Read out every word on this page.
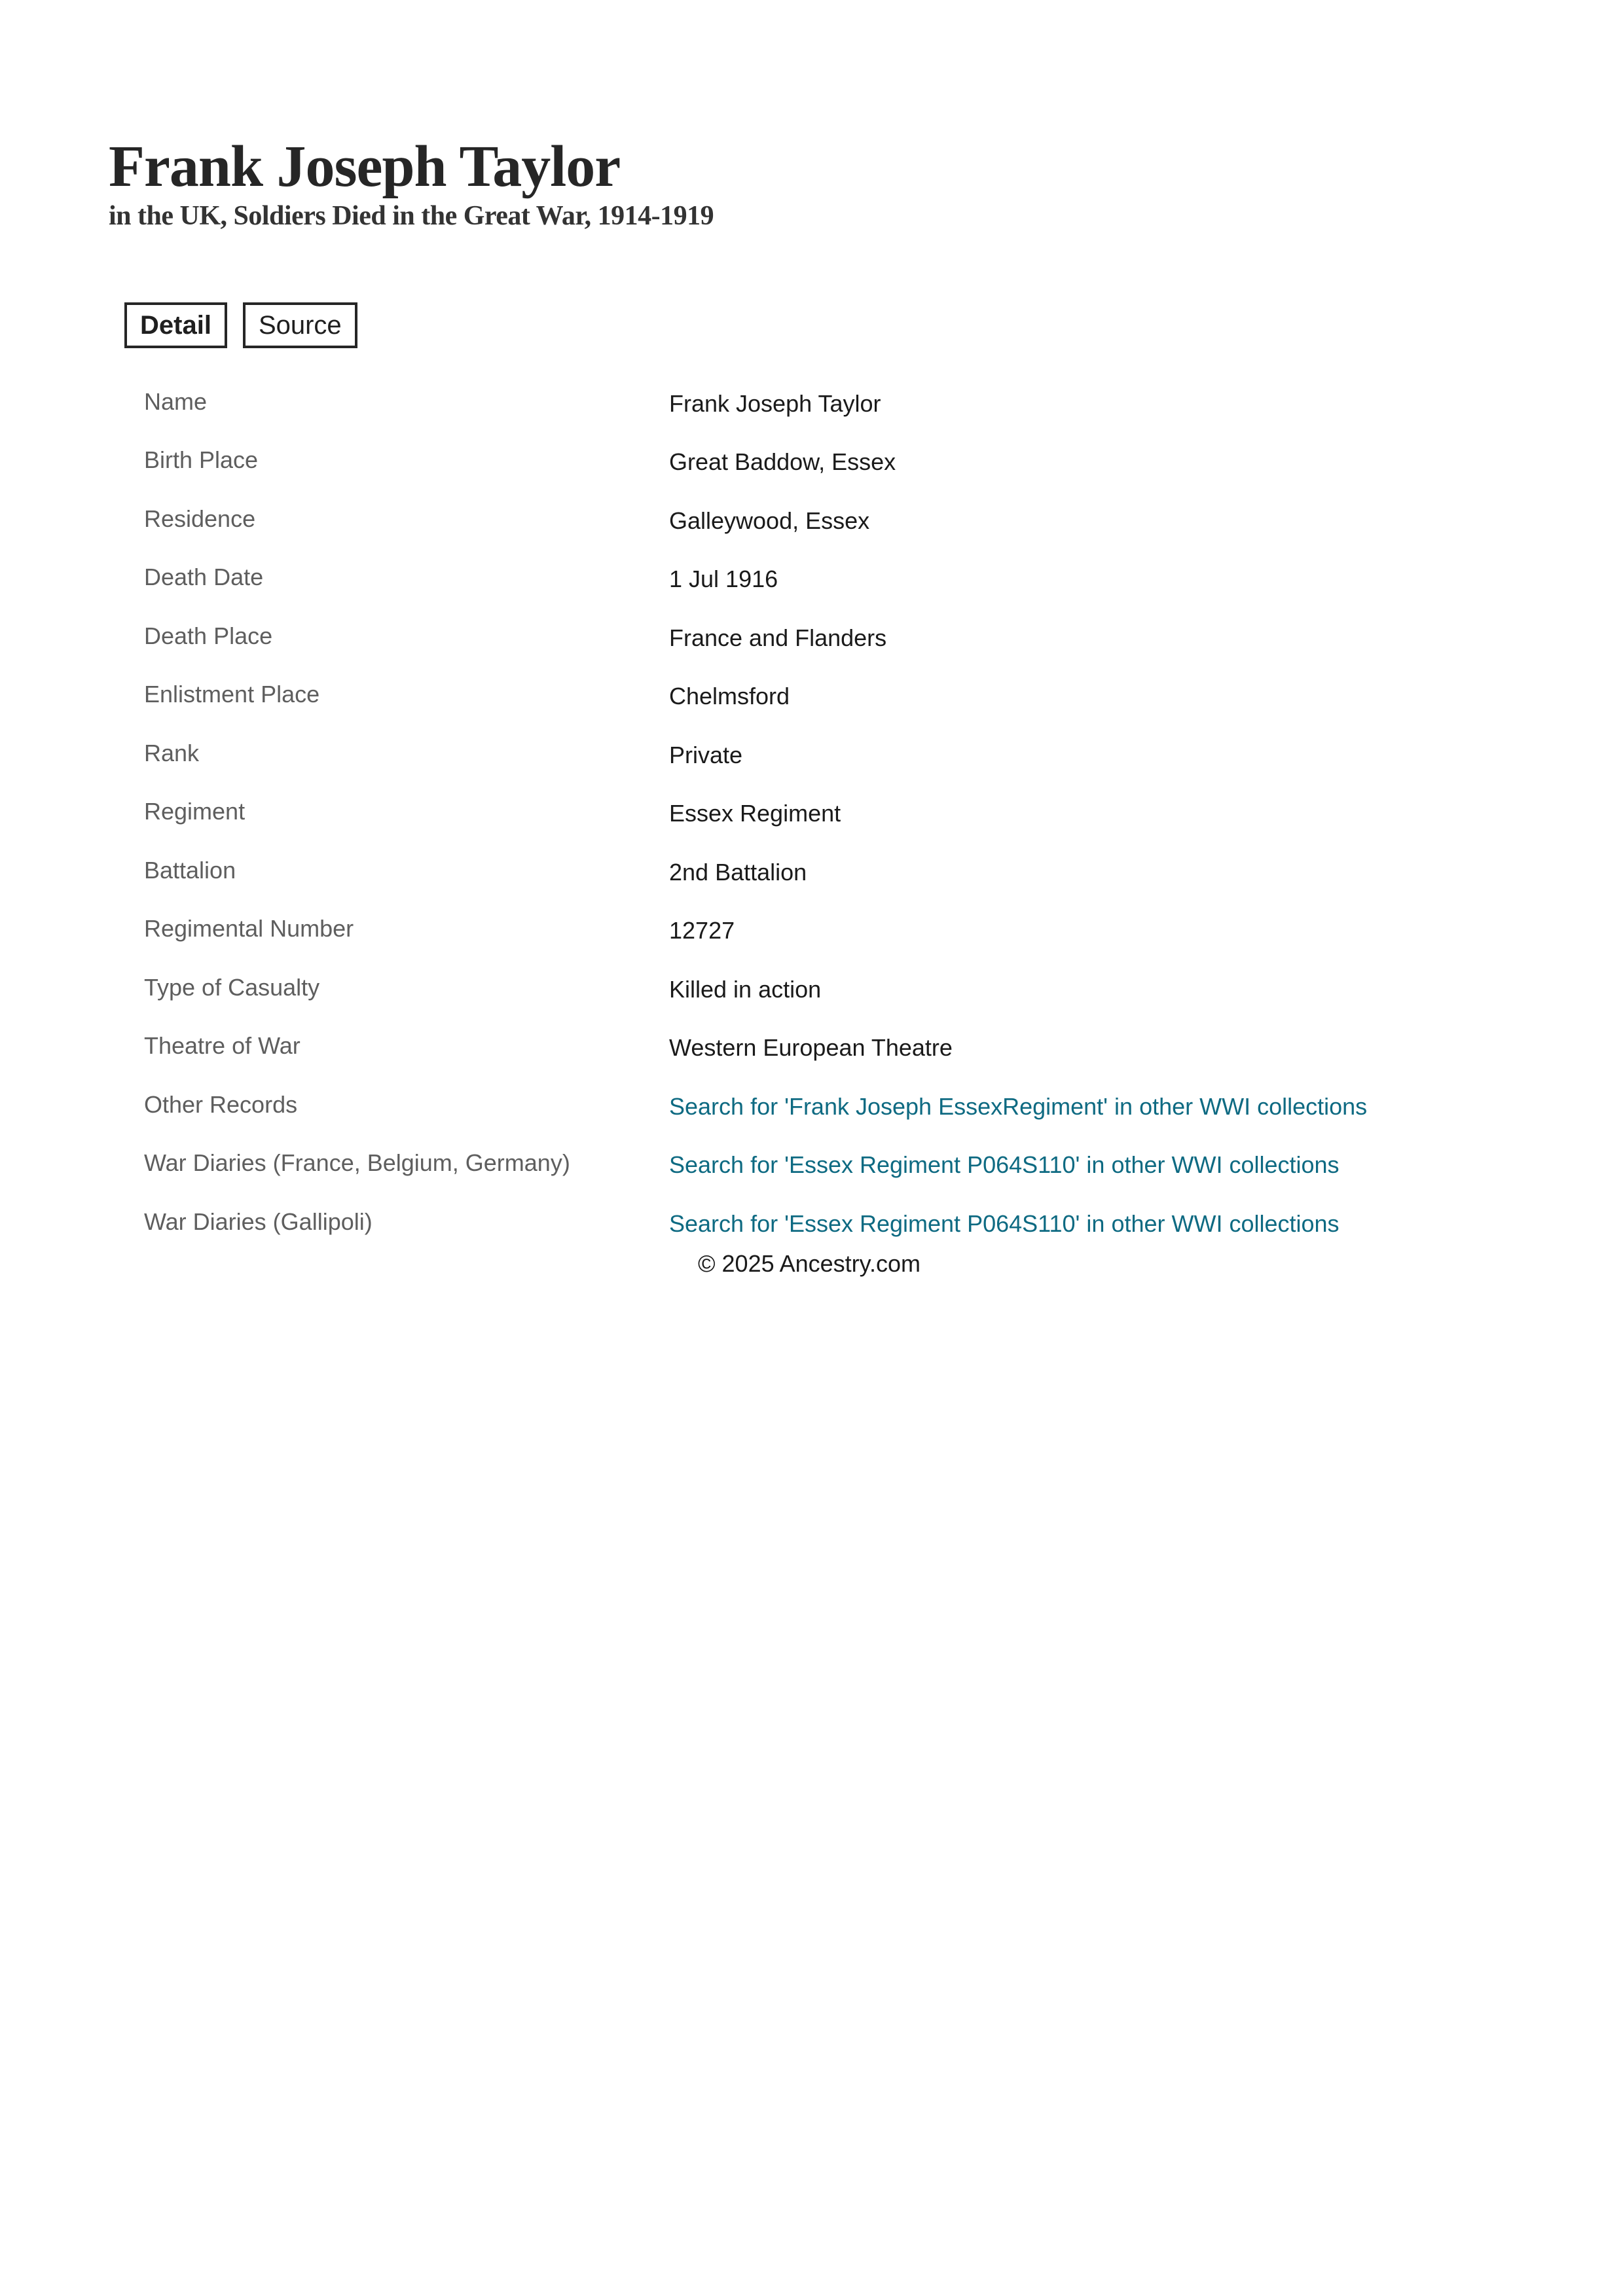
Frank Joseph Taylor
in the UK, Soldiers Died in the Great War, 1914-1919
Detail	Source
Name	Frank Joseph Taylor
Birth Place	Great Baddow, Essex
Residence	Galleywood, Essex
Death Date	1 Jul 1916
Death Place	France and Flanders
Enlistment Place	Chelmsford
Rank	Private
Regiment	Essex Regiment
Battalion	2nd Battalion
Regimental Number	12727
Type of Casualty	Killed in action
Theatre of War	Western European Theatre
Other Records	Search for 'Frank Joseph EssexRegiment' in other WWI collections
War Diaries (France, Belgium, Germany)	Search for 'Essex Regiment P064S110' in other WWI collections
War Diaries (Gallipoli)	Search for 'Essex Regiment P064S110' in other WWI collections
© 2025 Ancestry.com
